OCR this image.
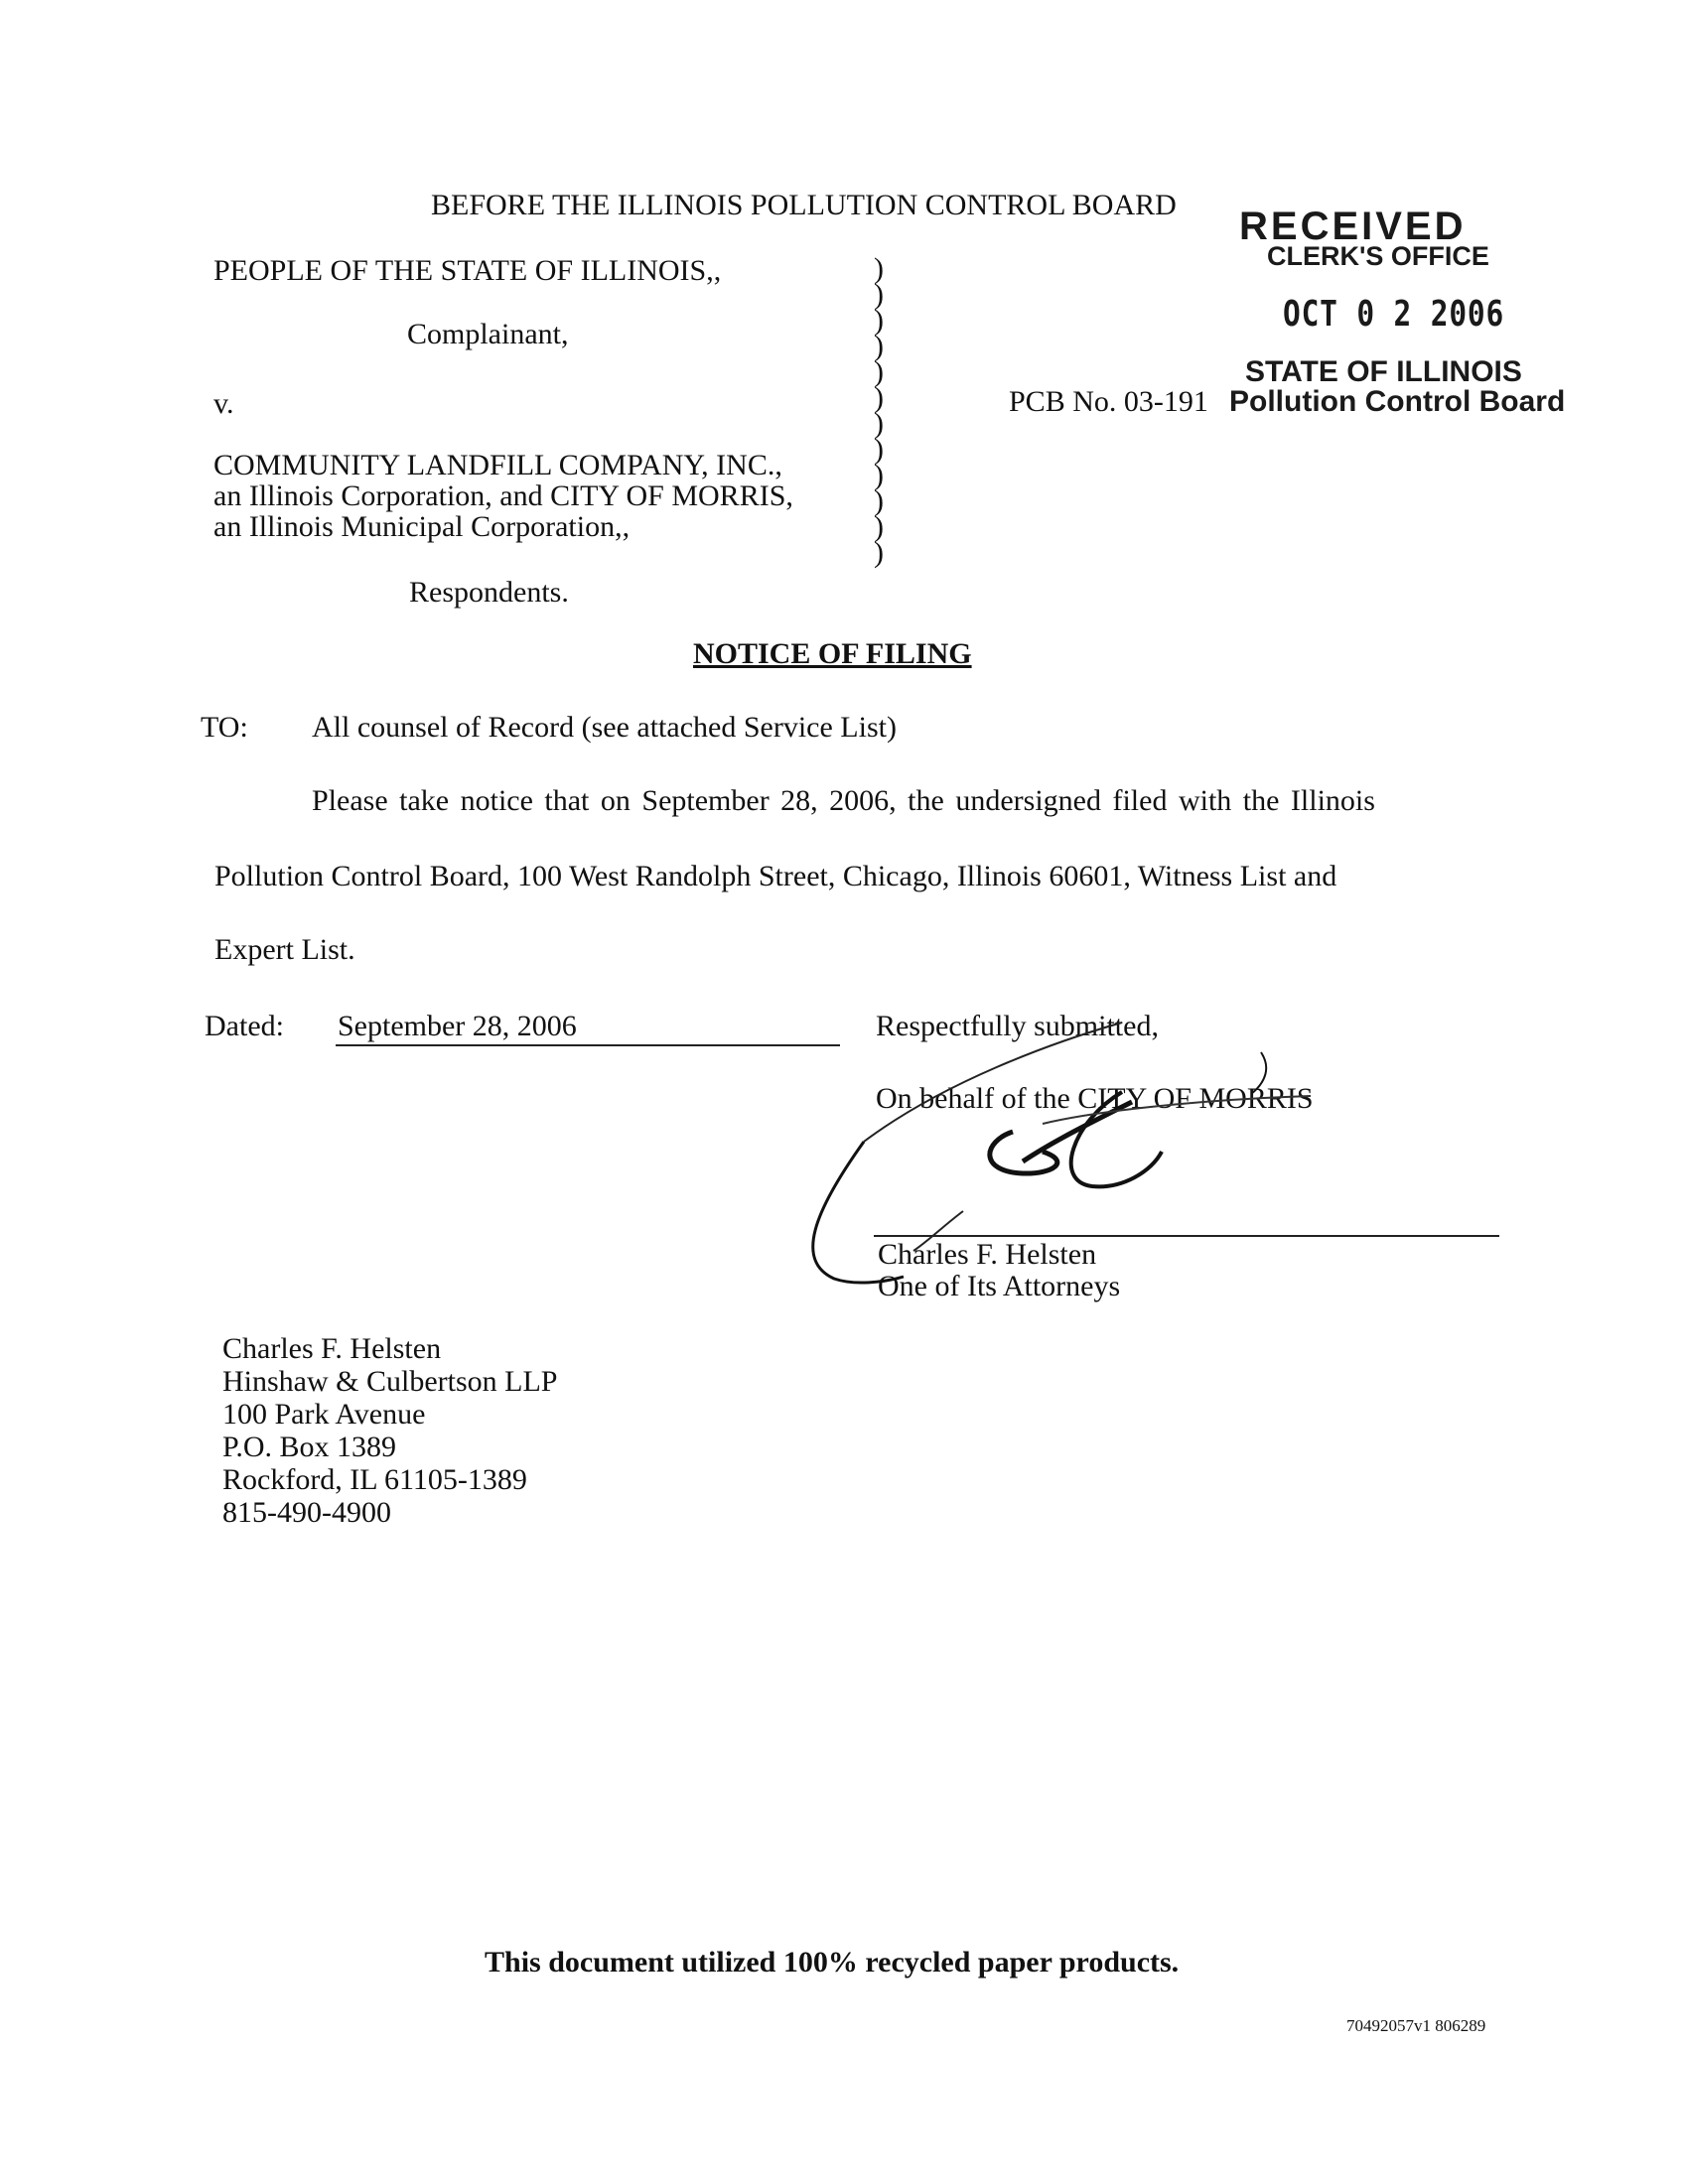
BEFORE THE ILLINOIS POLLUTION CONTROL BOARD RECEIVED
CLERK'S OFFICE
OCT 0 2 2006
STATE OF ILLINOIS
Pollution Control Board
PEOPLE OF THE STATE OF ILLINOIS,,
Complainant,
v.
COMMUNITY LANDFILL COMPANY, INC.,
an Illinois Corporation, and CITY OF MORRIS,
an Illinois Municipal Corporation,,
Respondents.
)
)
)
)
)
)
)
)
)
)
)
)
PCB No. 03-191
NOTICE OF FILING
TO: All counsel of Record (see attached Service List)
Please take notice that on September 28, 2006, the undersigned filed with the Illinois
Pollution Control Board, 100 West Randolph Street, Chicago, Illinois 60601, Witness List and
Expert List.
Dated: September 28, 2006	Respectfully submitted,
On behalf of the CITY OF MORRIS
Charles F. Helsten
One of Its Attorneys
Charles F. Helsten
Hinshaw & Culbertson LLP
100 Park Avenue
P.O. Box 1389
Rockford, IL 61105-1389
815-490-4900
This document utilized 100% recycled paper products.
70492057v1 806289
